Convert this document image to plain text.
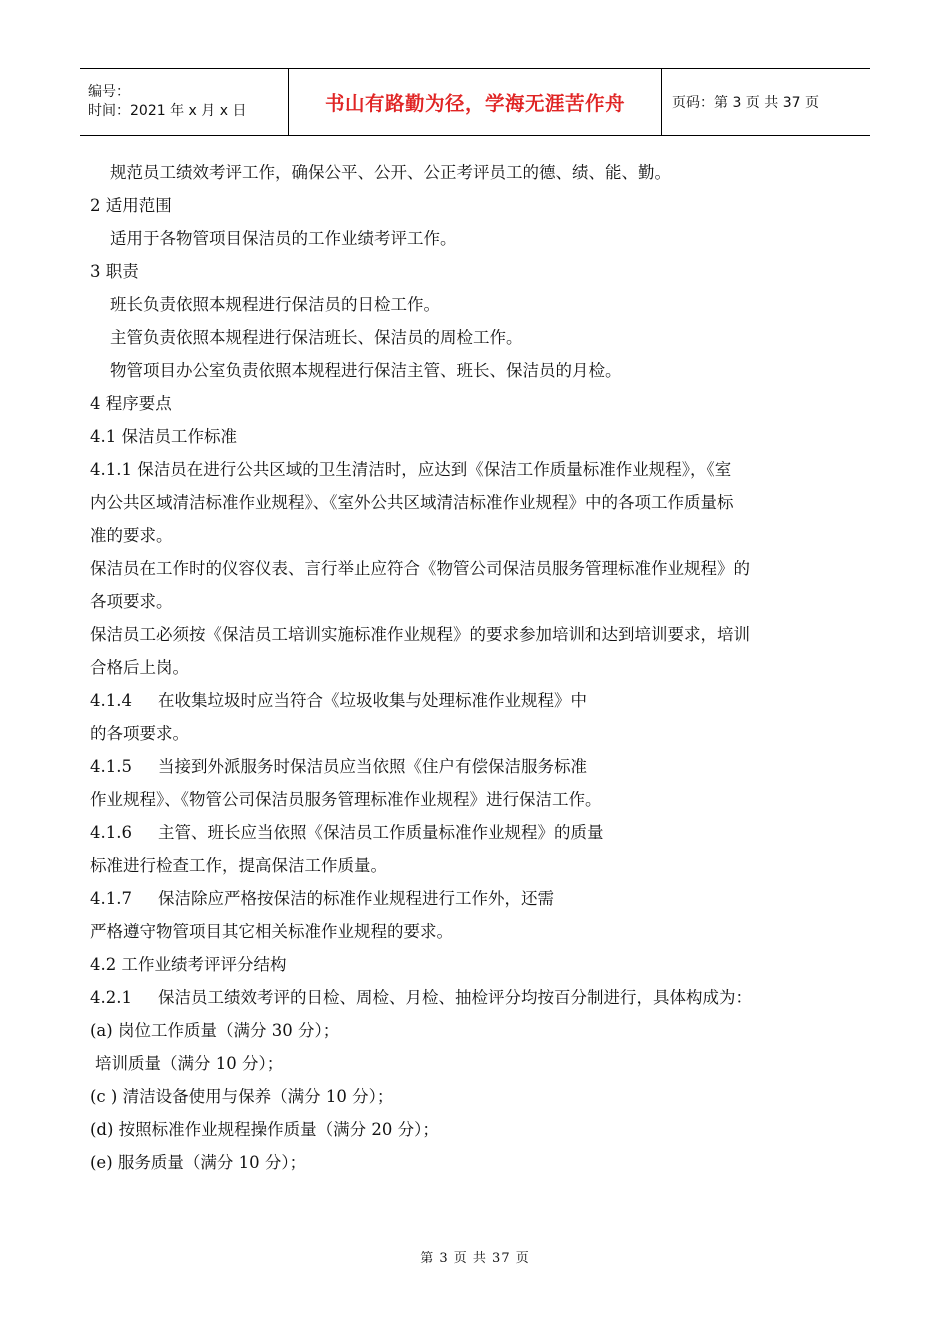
编号：
时间：2021 年 x 月 x 日	书山有路勤为径，学海无涯苦作舟	页码：第 3 页 共 37 页
规范员工绩效考评工作，确保公平、公开、公正考评员工的德、绩、能、勤。
2 适用范围
适用于各物管项目保洁员的工作业绩考评工作。
3 职责
班长负责依照本规程进行保洁员的日检工作。
主管负责依照本规程进行保洁班长、保洁员的周检工作。
物管项目办公室负责依照本规程进行保洁主管、班长、保洁员的月检。
4 程序要点
4.1 保洁员工作标准
4.1.1 保洁员在进行公共区域的卫生清洁时，应达到《保洁工作质量标准作业规程》，《室
内公共区域清洁标准作业规程》、《室外公共区域清洁标准作业规程》中的各项工作质量标
准的要求。
保洁员在工作时的仪容仪表、言行举止应符合《物管公司保洁员服务管理标准作业规程》的
各项要求。
保洁员工必须按《保洁员工培训实施标准作业规程》的要求参加培训和达到培训要求，培训
合格后上岗。
4.1.4 在收集垃圾时应当符合《垃圾收集与处理标准作业规程》中
的各项要求。
4.1.5 当接到外派服务时保洁员应当依照《住户有偿保洁服务标准
作业规程》、《物管公司保洁员服务管理标准作业规程》进行保洁工作。
4.1.6 主管、班长应当依照《保洁员工作质量标准作业规程》的质量
标准进行检查工作，提高保洁工作质量。
4.1.7 保洁除应严格按保洁的标准作业规程进行工作外，还需
严格遵守物管项目其它相关标准作业规程的要求。
4.2 工作业绩考评评分结构
4.2.1 保洁员工绩效考评的日检、周检、月检、抽检评分均按百分制进行，具体构成为：
(a) 岗位工作质量（满分 30 分）；
培训质量（满分 10 分）；
(c ) 清洁设备使用与保养（满分 10 分）；
(d) 按照标准作业规程操作质量（满分 20 分）；
(e) 服务质量（满分 10 分）；
第 3 页 共 37 页
